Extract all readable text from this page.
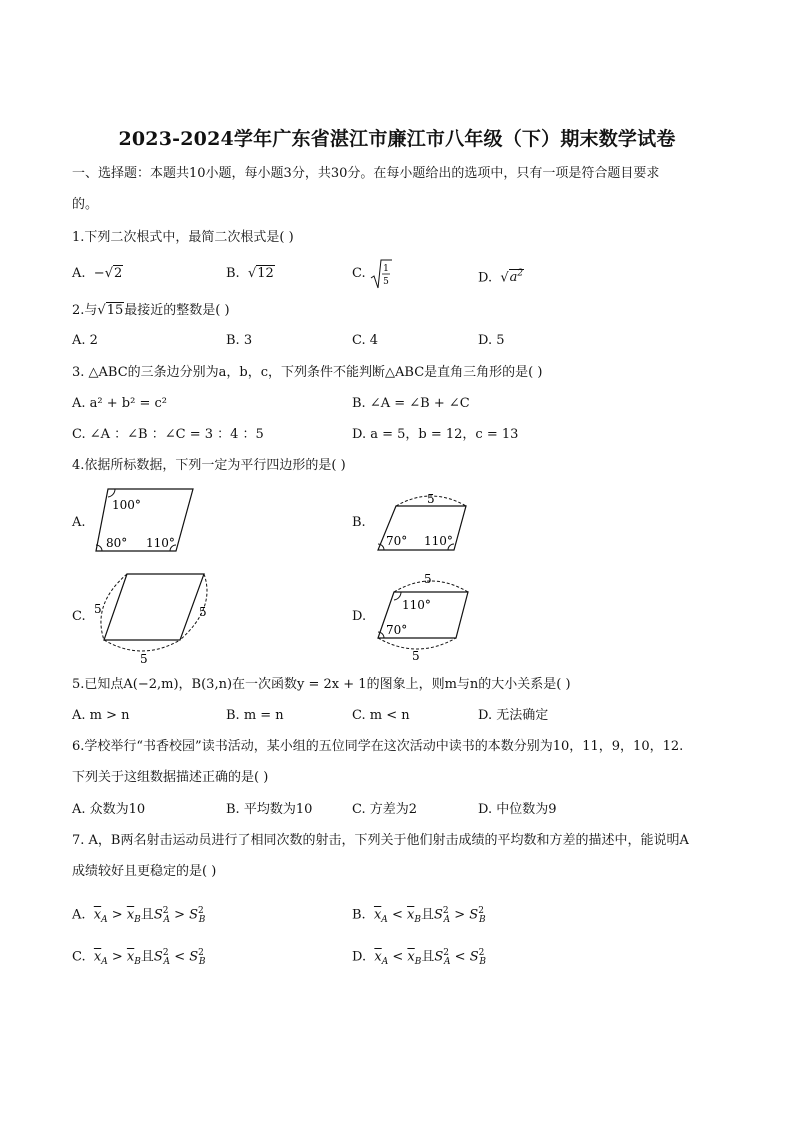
2023-2024学年广东省湛江市廉江市八年级（下）期末数学试卷
一、选择题：本题共10小题，每小题3分，共30分。在每小题给出的选项中，只有一项是符合题目要求
的。
1.下列二次根式中，最简二次根式是( )
A. −√2	B. √12	C. 1
5	D. $√a^2$
2.与√15最接近的整数是( )
A. 2	B. 3	C. 4	D. 5
3. △ABC的三条边分别为a，b，c，下列条件不能判断△ABC是直角三角形的是( )
A. a² + b² = c²	B. ∠A = ∠B + ∠C
C. ∠A ：∠B ：∠C = 3 ：4 ：5	D. a = 5，b = 12，c = 13
4.依据所标数据，下列一定为平行四边形的是( )
A.
100°
80° 110°
B.
5
70° 110°
C. 5	5
5
D.
5
110°
70°
5
5.已知点A(−2,m)，B(3,n)在一次函数y = 2x + 1的图象上，则m与n的大小关系是( )
A. m > n	B. m = n	C. m < n	D. 无法确定
6.学校举行“书香校园”读书活动，某小组的五位同学在这次活动中读书的本数分别为10，11，9，10，12.
下列关于这组数据描述正确的是( )
A. 众数为10	B. 平均数为10	C. 方差为2	D. 中位数为9
7. A，B两名射击运动员进行了相同次数的射击，下列关于他们射击成绩的平均数和方差的描述中，能说明A
成绩较好且更稳定的是( )
A. $\overline{x}_A > \overline{x}_B$且$S^2_A > S^2_B$	B. $\overline{x}_A < \overline{x}_B$且$S^2_A > S^2_B$
C. $\overline{x}_A > \overline{x}_B$且$S^2_A < S^2_B$	D. $\overline{x}_A < \overline{x}_B$且$S^2_A < S^2_B$
